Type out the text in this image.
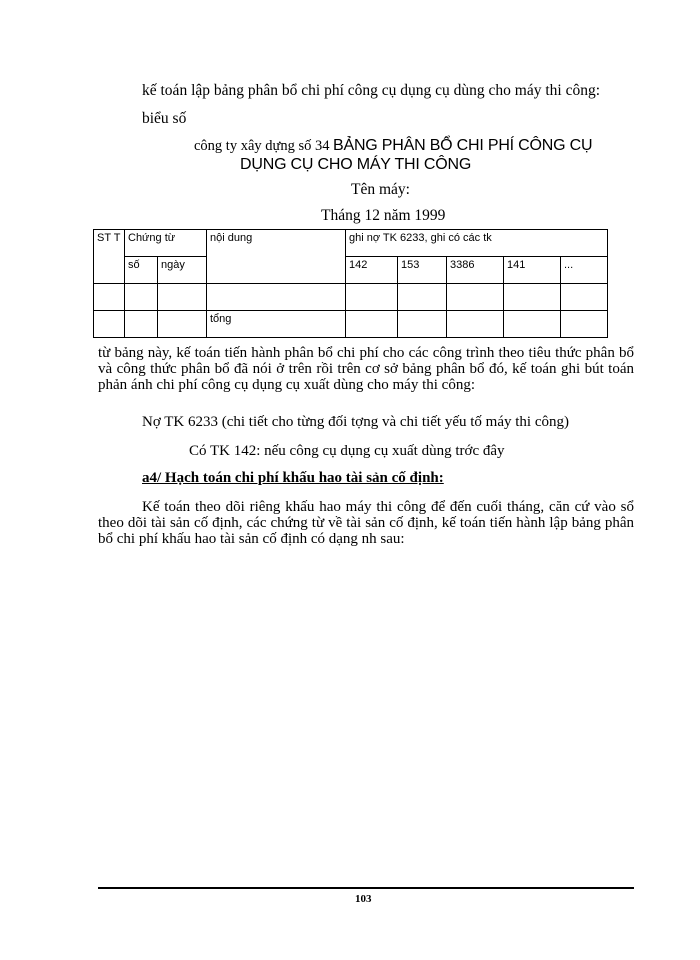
kế toán lập bảng phân bổ chi phí công cụ dụng cụ dùng cho máy thi công:
biểu số
công ty xây dựng số 34 BẢNG PHÂN BỔ CHI PHÍ CÔNG CỤ
DỤNG CỤ CHO MÁY THI CÔNG
Tên máy:
Tháng 12 năm 1999
ST T	Chứng từ		nội dung	ghi nợ TK 6233, ghi có các tk				
	số	ngày		142	153	3386	141	...

			tổng					
từ bảng này, kế toán tiến hành phân bổ chi phí cho các công trình theo tiêu thức phân bổ và công thức phân bổ đã nói ở trên rồi trên cơ sở bảng phân bổ đó, kế toán ghi bút toán phản ánh chi phí công cụ dụng cụ xuất dùng cho máy thi công:
Nợ TK 6233 (chi tiết cho từng đối tợng và chi tiết yếu tố máy thi công)
Có TK 142: nếu công cụ dụng cụ xuất dùng trớc đây
a4/ Hạch toán chi phí khấu hao tài sản cố định:
Kế toán theo dõi riêng khấu hao máy thi công để đến cuối tháng, căn cứ vào sổ theo dõi tài sản cố định, các chứng từ về tài sản cố định, kế toán tiến hành lập bảng phân bổ chi phí khấu hao tài sản cố định có dạng nh sau:
103
